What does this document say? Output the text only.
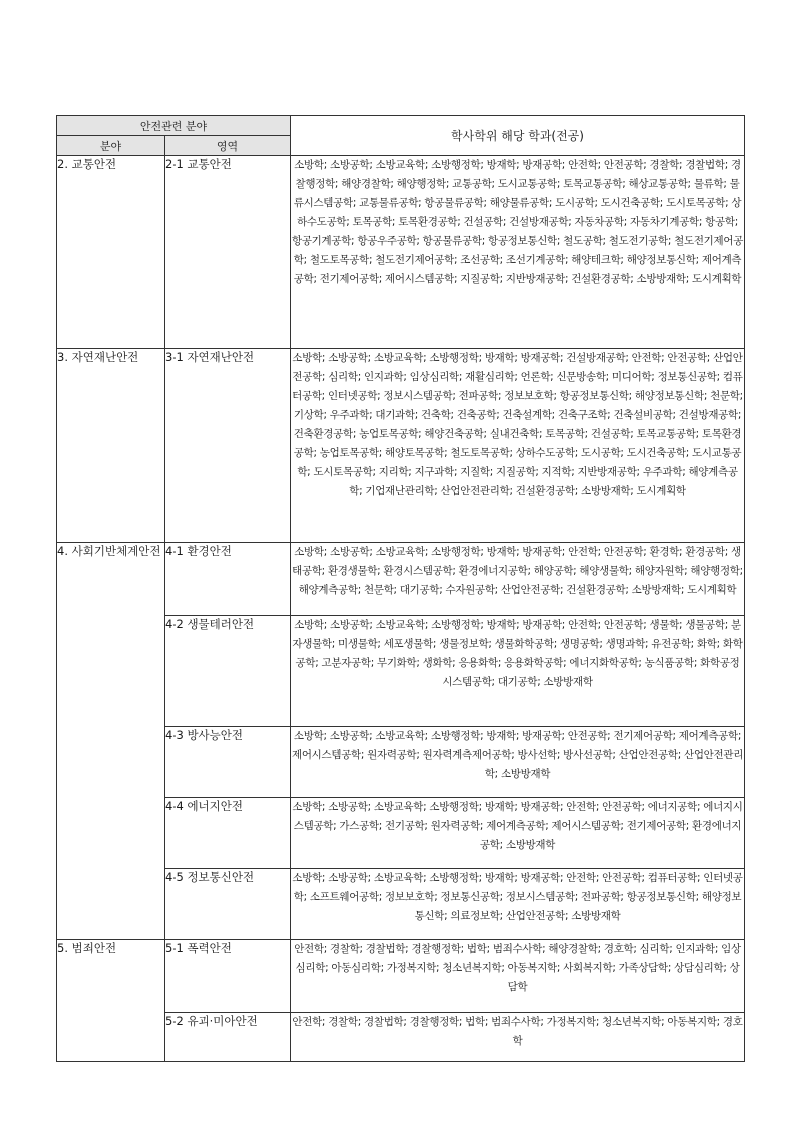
안전관련 분야		학사학위 해당 학과(전공)
분야	영역	
2. 교통안전	2-1 교통안전	소방학; 소방공학; 소방교육학; 소방행정학; 방재학; 방재공학; 안전학; 안전공학; 경찰학; 경찰법학; 경찰행정학; 해양경찰학; 해양행정학; 교통공학; 도시교통공학; 토목교통공학; 해상교통공학; 물류학; 물류시스템공학; 교통물류공학; 항공물류공학; 해양물류공학; 도시공학; 도시건축공학; 도시토목공학; 상하수도공학; 토목공학; 토목환경공학; 건설공학; 건설방재공학; 자동차공학; 자동차기계공학; 항공학; 항공기계공학; 항공우주공학; 항공물류공학; 항공정보통신학; 철도공학; 철도전기공학; 철도전기제어공학; 철도토목공학; 철도전기제어공학; 조선공학; 조선기계공학; 해양테크학; 해양정보통신학; 제어계측공학; 전기제어공학; 제어시스템공학; 지질공학; 지반방재공학; 건설환경공학; 소방방재학; 도시계획학
3. 자연재난안전	3-1 자연재난안전	소방학; 소방공학; 소방교육학; 소방행정학; 방재학; 방재공학; 건설방재공학; 안전학; 안전공학; 산업안전공학; 심리학; 인지과학; 임상심리학; 재활심리학; 언론학; 신문방송학; 미디어학; 정보통신공학; 컴퓨터공학; 인터넷공학; 정보시스템공학; 전파공학; 정보보호학; 항공정보통신학; 해양정보통신학; 천문학; 기상학; 우주과학; 대기과학; 건축학; 건축공학; 건축설계학; 건축구조학; 건축설비공학; 건설방재공학; 건축환경공학; 농업토목공학; 해양건축공학; 실내건축학; 토목공학; 건설공학; 토목교통공학; 토목환경공학; 농업토목공학; 해양토목공학; 철도토목공학; 상하수도공학; 도시공학; 도시건축공학; 도시교통공학; 도시토목공학; 지리학; 지구과학; 지질학; 지질공학; 지적학; 지반방재공학; 우주과학; 해양계측공학; 기업재난관리학; 산업안전관리학; 건설환경공학; 소방방재학; 도시계획학
4. 사회기반체계안전	4-1 환경안전	소방학; 소방공학; 소방교육학; 소방행정학; 방재학; 방재공학; 안전학; 안전공학; 환경학; 환경공학; 생태공학; 환경생물학; 환경시스템공학; 환경에너지공학; 해양공학; 해양생물학; 해양자원학; 해양행정학; 해양계측공학; 천문학; 대기공학; 수자원공학; 산업안전공학; 건설환경공학; 소방방재학; 도시계획학
	4-2 생물테러안전	소방학; 소방공학; 소방교육학; 소방행정학; 방재학; 방재공학; 안전학; 안전공학; 생물학; 생물공학; 분자생물학; 미생물학; 세포생물학; 생물정보학; 생물화학공학; 생명공학; 생명과학; 유전공학; 화학; 화학공학; 고분자공학; 무기화학; 생화학; 응용화학; 응용화학공학; 에너지화학공학; 농식품공학; 화학공정시스템공학; 대기공학; 소방방재학
	4-3 방사능안전	소방학; 소방공학; 소방교육학; 소방행정학; 방재학; 방재공학; 안전공학; 전기제어공학; 제어계측공학; 제어시스템공학; 원자력공학; 원자력계측제어공학; 방사선학; 방사선공학; 산업안전공학; 산업안전관리학; 소방방재학
	4-4 에너지안전	소방학; 소방공학; 소방교육학; 소방행정학; 방재학; 방재공학; 안전학; 안전공학; 에너지공학; 에너지시스템공학; 가스공학; 전기공학; 원자력공학; 제어계측공학; 제어시스템공학; 전기제어공학; 환경에너지공학; 소방방재학
	4-5 정보통신안전	소방학; 소방공학; 소방교육학; 소방행정학; 방재학; 방재공학; 안전학; 안전공학; 컴퓨터공학; 인터넷공학; 소프트웨어공학; 정보보호학; 정보통신공학; 정보시스템공학; 전파공학; 항공정보통신학; 해양정보통신학; 의료정보학; 산업안전공학; 소방방재학
5. 범죄안전	5-1 폭력안전	안전학; 경찰학; 경찰법학; 경찰행정학; 법학; 범죄수사학; 해양경찰학; 경호학; 심리학; 인지과학; 임상심리학; 아동심리학; 가정복지학; 청소년복지학; 아동복지학; 사회복지학; 가족상담학; 상담심리학; 상담학
	5-2 유괴·미아안전	안전학; 경찰학; 경찰법학; 경찰행정학; 법학; 범죄수사학; 가정복지학; 청소년복지학; 아동복지학; 경호학
